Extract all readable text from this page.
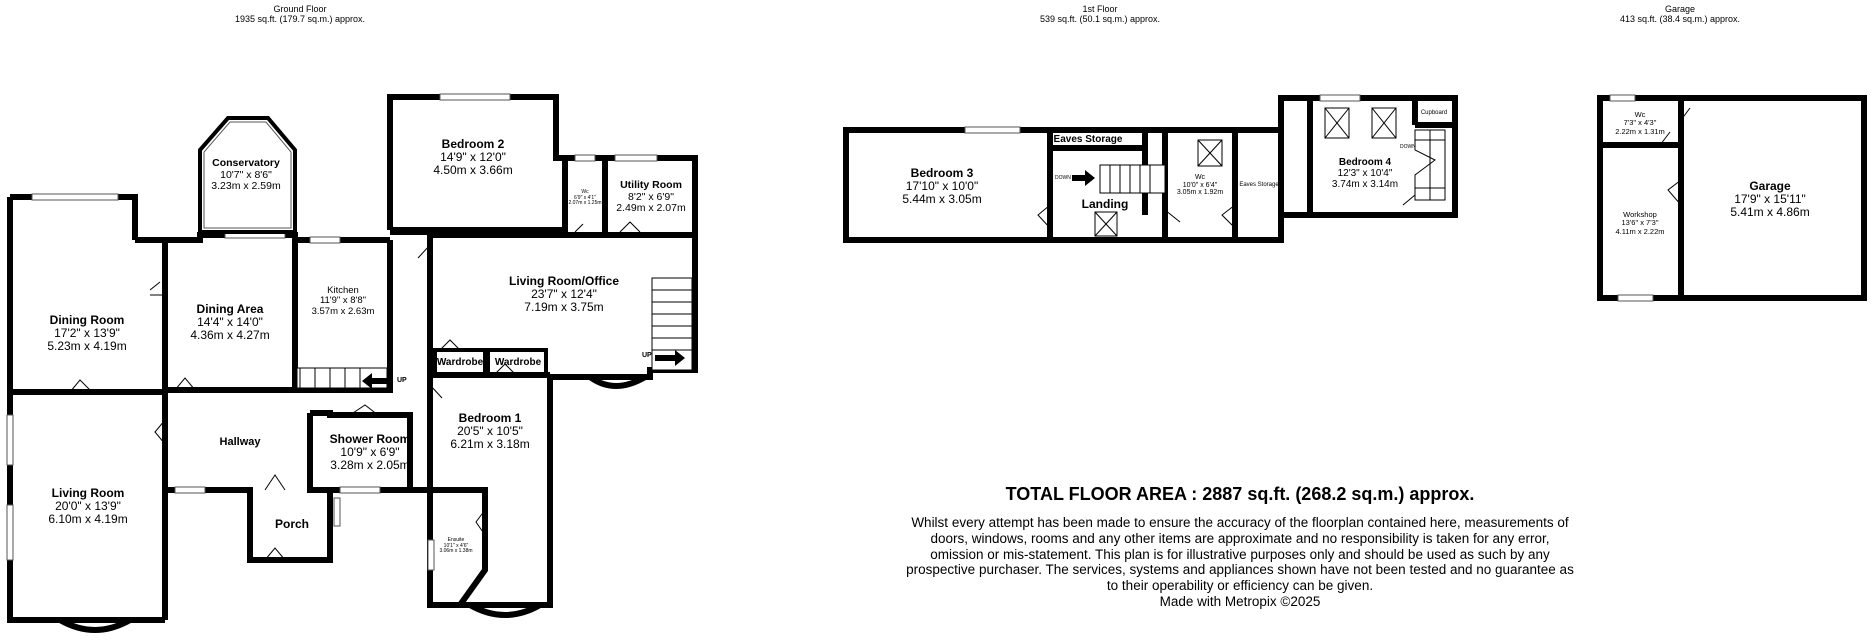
Ground Floor
1935 sq.ft. (179.7 sq.m.) approx.
1st Floor
539 sq.ft. (50.1 sq.m.) approx.
Garage
413 sq.ft. (38.4 sq.m.) approx.
Conservatory
10'7" x 8'6"
3.23m x 2.59m
Bedroom 2
14'9" x 12'0"
4.50m x 3.66m
Wc
6'9" x 4'1"
2.07m x 1.25m
Utility Room
8'2" x 6'9"
2.49m x 2.07m
Dining Room
17'2" x 13'9"
5.23m x 4.19m
Dining Area
14'4" x 14'0"
4.36m x 4.27m
Kitchen
11'9" x 8'8"
3.57m x 2.63m
Living Room/Office
23'7" x 12'4"
7.19m x 3.75m
Wardrobe Wardrobe
Hallway	Shower Room
10'9" x 6'9"
3.28m x 2.05m
Bedroom 1
20'5" x 10'5"
6.21m x 3.18m
Living Room
20'0" x 13'9"
6.10m x 4.19m	Porch
Ensuite
10'1" x 4'6"
3.06m x 1.38m
UP
UP
Bedroom 3
17'10" x 10'0"
5.44m x 3.05m
Eaves Storage
Landing
Wc
10'0" x 6'4"
3.05m x 1.92m
Eaves Storage
Bedroom 4
12'3" x 10'4"
3.74m x 3.14m
Cupboard
DOWN
DOWN
Wc
7'3" x 4'3"
2.22m x 1.31m
Workshop
13'6" x 7'3"
4.11m x 2.22m
Garage
17'9" x 15'11"
5.41m x 4.86m
TOTAL FLOOR AREA : 2887 sq.ft. (268.2 sq.m.) approx.
Whilst every attempt has been made to ensure the accuracy of the floorplan contained here, measurements of doors, windows, rooms and any other items are approximate and no responsibility is taken for any error, omission or mis-statement. This plan is for illustrative purposes only and should be used as such by any prospective purchaser. The services, systems and appliances shown have not been tested and no guarantee as to their operability or efficiency can be given.
Made with Metropix ©2025
